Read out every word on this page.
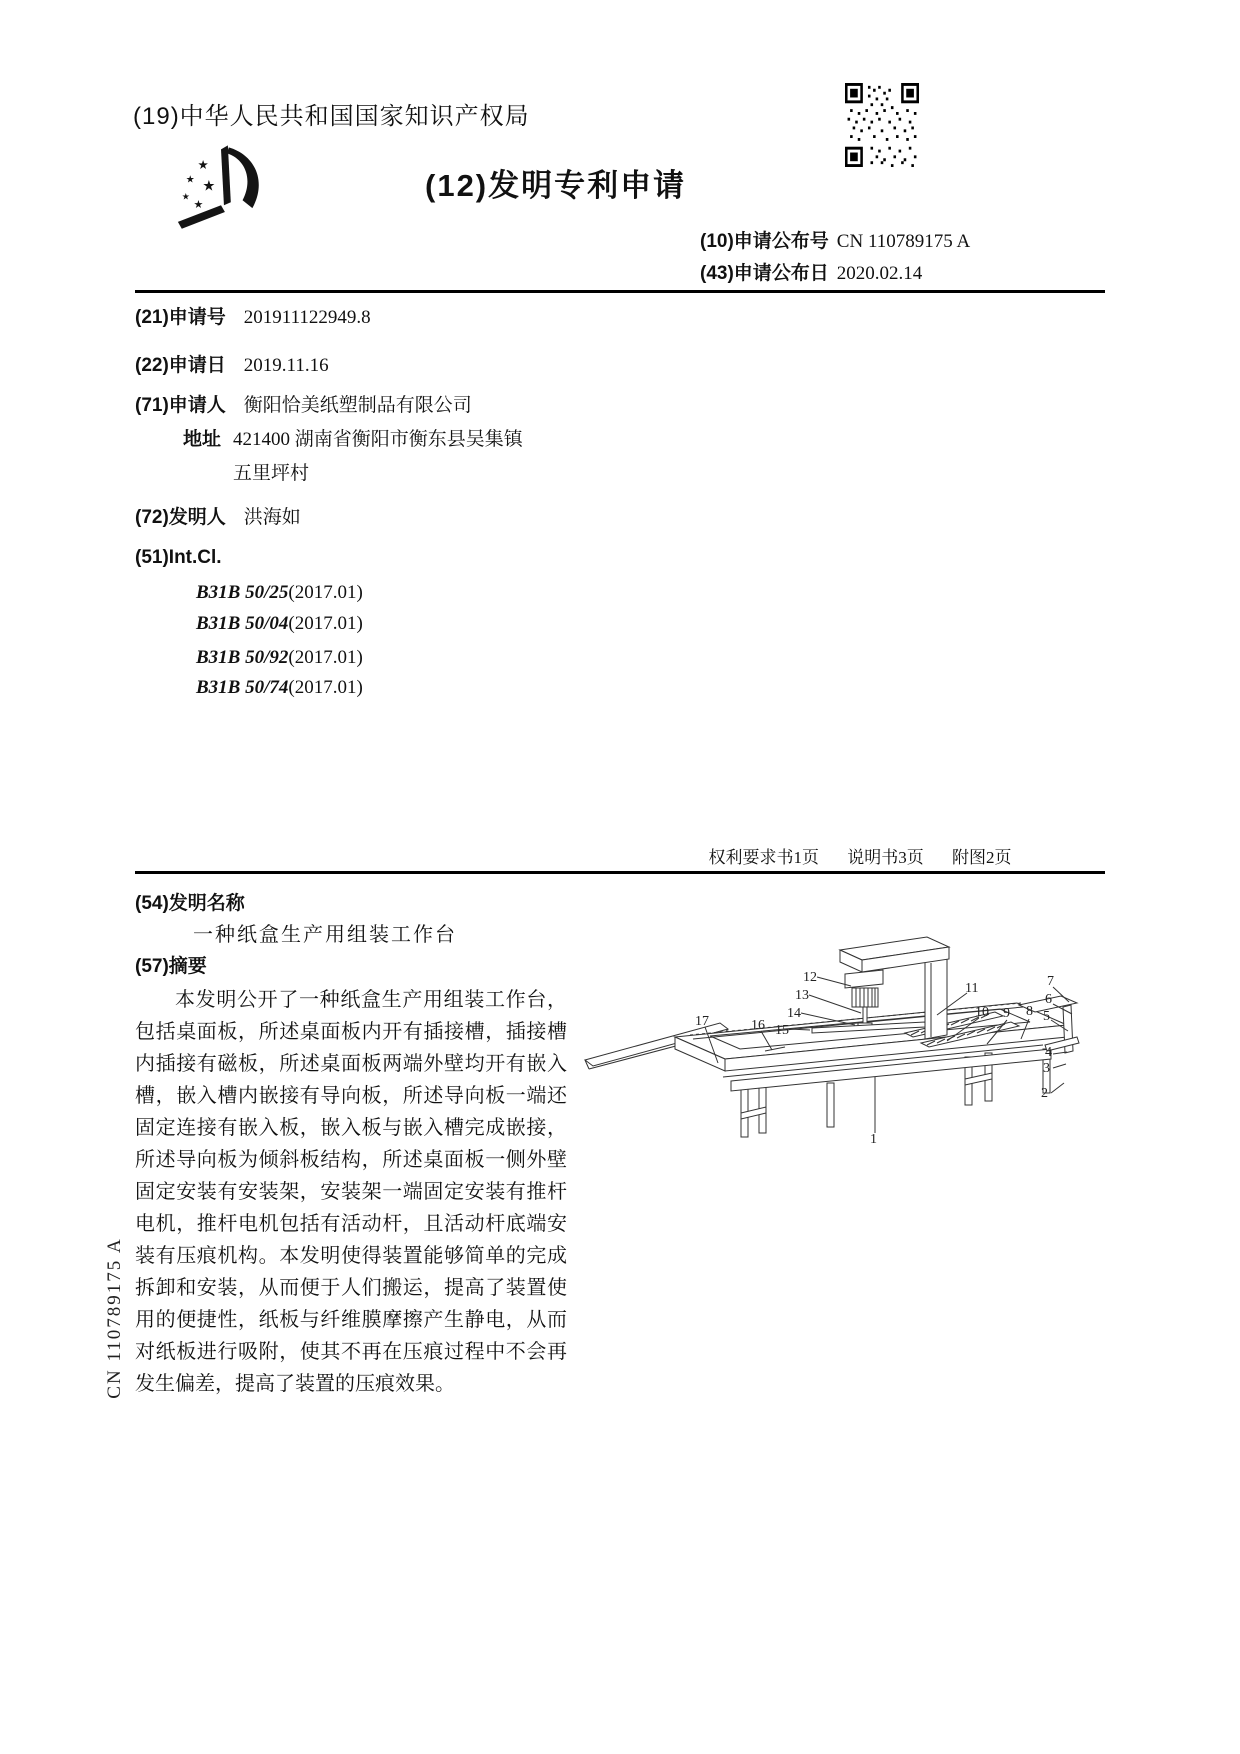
(19)中华人民共和国国家知识产权局
★
★ ★
★
★
(12)发明专利申请
(10)申请公布号 CN 110789175 A
(43)申请公布日 2020.02.14
(21)申请号 201911122949.8
(22)申请日 2019.11.16
(71)申请人 衡阳恰美纸塑制品有限公司
地址 421400 湖南省衡阳市衡东县吴集镇
五里坪村
(72)发明人 洪海如
(51)Int.Cl.
B31B 50/25(2017.01)
B31B 50/04(2017.01)
B31B 50/92(2017.01)
B31B 50/74(2017.01)
权利要求书1页 说明书3页 附图2页
(54)发明名称
一种纸盒生产用组装工作台
(57)摘要
本发明公开了一种纸盒生产用组装工作台，包括桌面板，所述桌面板内开有插接槽，插接槽内插接有磁板，所述桌面板两端外壁均开有嵌入槽，嵌入槽内嵌接有导向板，所述导向板一端还固定连接有嵌入板，嵌入板与嵌入槽完成嵌接，所述导向板为倾斜板结构，所述桌面板一侧外壁固定安装有安装架，安装架一端固定安装有推杆电机，推杆电机包括有活动杆，且活动杆底端安装有压痕机构。本发明使得装置能够简单的完成拆卸和安装，从而便于人们搬运，提高了装置使用的便捷性，纸板与纤维膜摩擦产生静电，从而对纸板进行吸附，使其不再在压痕过程中不会再发生偏差，提高了装置的压痕效果。
12
13
14
15
16
17
11
10 9 8
7
6
5
4
3
2
1
CN 110789175 A
